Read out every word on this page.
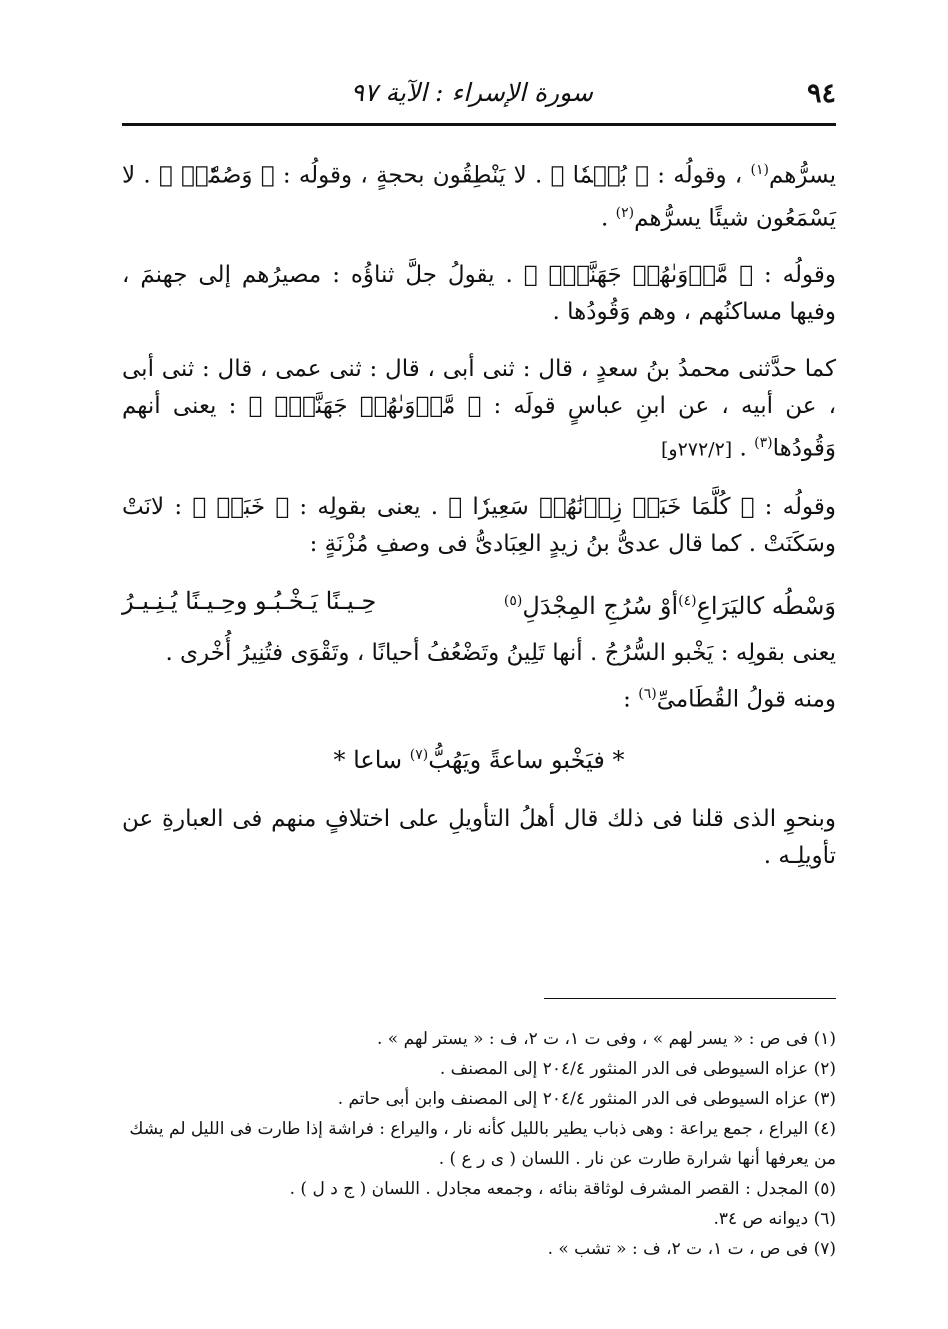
٩٤
سورة الإسراء : الآية ٩٧

يسرُّهم$^{(١)}$ ، وقولُه : ﴿ بُكۡمٗا ﴾ . لا يَنْطِقُون بحجةٍ ، وقولُه : ﴿ وَصُمّٗاۖ ﴾ . لا يَسْمَعُون شيئًا يسرُّهم$^{(٢)}$ .

وقولُه : ﴿ مَّأۡوَىٰهُمۡ جَهَنَّمُۖ ﴾ . يقولُ جلَّ ثناؤُه : مصيرُهم إلى جهنمَ ، وفيها مساكنُهم ، وهم وَقُودُها .

كما حدَّثنى محمدُ بنُ سعدٍ ، قال : ثنى أبى ، قال : ثنى عمى ، قال : ثنى أبى ، عن أبيه ، عن ابنِ عباسٍ قولَه : ﴿ مَّأۡوَىٰهُمۡ جَهَنَّمُۖ ﴾ : يعنى أنهم وَقُودُها$^{(٣)}$ . [٢٧٢/٢و]

وقولُه : ﴿ كُلَّمَا خَبَتۡ زِدۡنَٰهُمۡ سَعِيرٗا ﴾ . يعنى بقولِه : ﴿ خَبَتۡ ﴾ : لانَتْ وسَكَنَتْ . كما قال عدىُّ بنُ زيدٍ العِبَادىُّ فى وصفِ مُزْنَةٍ :

وَسْطُه كاليَرَاعِ$^{(٤)}$أوْ سُرُجِ المِجْدَلِ$^{(٥)}$
حِـيـنًا يَـخْـبُـو وحِـيـنًا يُـنِـيـرُ

يعنى بقولِه : يَخْبو السُّرُجُ . أنها تَلِينُ وتَضْعُفُ أحيانًا ، وتَقْوَى فتُنِيرُ أُخْرى .

ومنه قولُ القُطَامىِّ$^{(٦)}$ :

* فيَخْبو ساعةً ويَهُبُّ$^{(٧)}$ ساعا *

وبنحوِ الذى قلنا فى ذلك قال أهلُ التأويلِ على اختلافٍ منهم فى العبارةِ عن تأويلِـه .

(١) فى ص : « يسر لهم » ، وفى ت ١، ت ٢، ف : « يستر لهم » .
(٢) عزاه السيوطى فى الدر المنثور ٢٠٤/٤ إلى المصنف .
(٣) عزاه السيوطى فى الدر المنثور ٢٠٤/٤ إلى المصنف وابن أبى حاتم .
(٤) اليراع ، جمع يراعة : وهى ذباب يطير بالليل كأنه نار ، واليراع : فراشة إذا طارت فى الليل لم يشك من يعرفها أنها شرارة طارت عن نار . اللسان ( ى ر ع ) .
(٥) المجدل : القصر المشرف لوثاقة بنائه ، وجمعه مجادل . اللسان ( ج د ل ) .
(٦) ديوانه ص ٣٤.
(٧) فى ص ، ت ١، ت ٢، ف : « تشب » .
